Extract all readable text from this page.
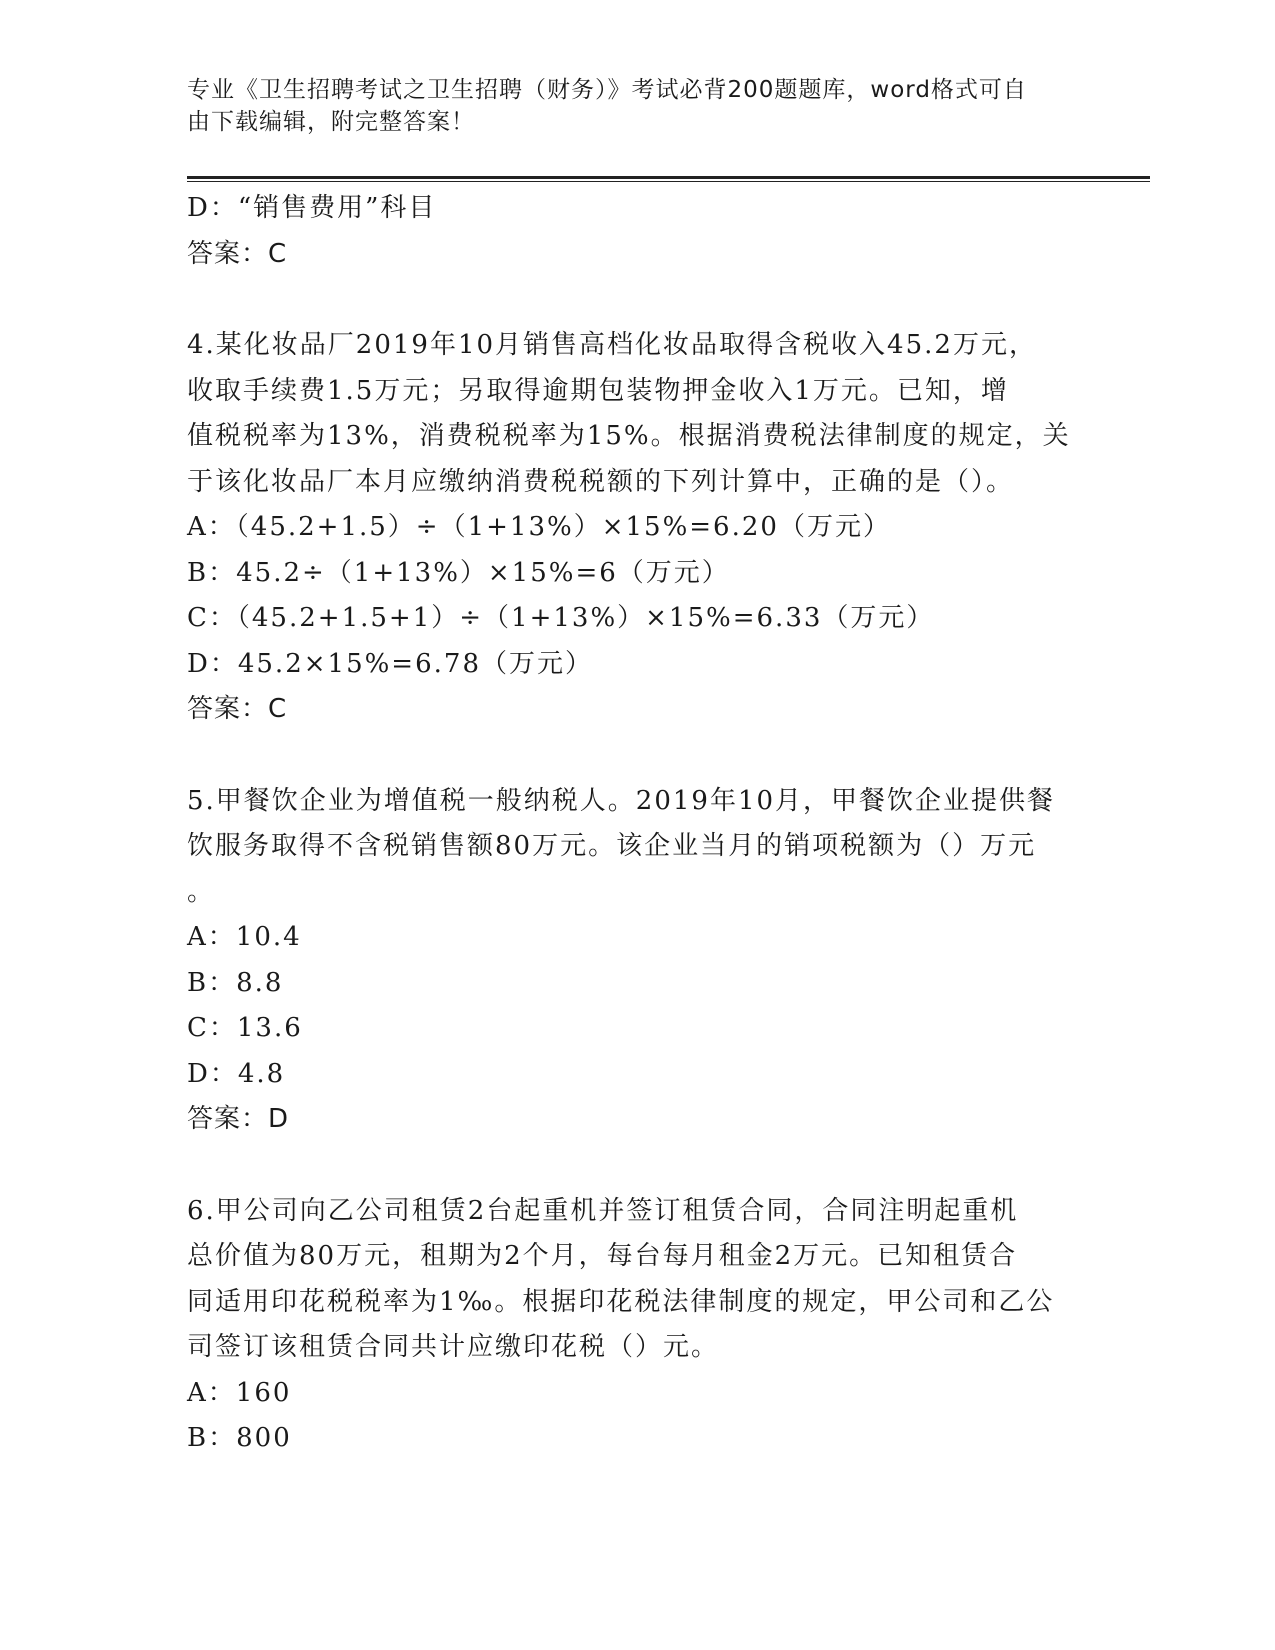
专业《卫生招聘考试之卫生招聘（财务）》考试必背200题题库，word格式可自
由下载编辑，附完整答案！
D：“销售费用”科目
答案：C
4.某化妆品厂2019年10月销售高档化妆品取得含税收入45.2万元，
收取手续费1.5万元；另取得逾期包装物押金收入1万元。已知，增
值税税率为13%，消费税税率为15%。根据消费税法律制度的规定，关
于该化妆品厂本月应缴纳消费税税额的下列计算中，正确的是（）。
A：（45.2+1.5）÷（1+13%）×15%=6.20（万元）
B：45.2÷（1+13%）×15%=6（万元）
C：（45.2+1.5+1）÷（1+13%）×15%=6.33（万元）
D：45.2×15%=6.78（万元）
答案：C
5.甲餐饮企业为增值税一般纳税人。2019年10月，甲餐饮企业提供餐
饮服务取得不含税销售额80万元。该企业当月的销项税额为（）万元
。
A：10.4
B：8.8
C：13.6
D：4.8
答案：D
6.甲公司向乙公司租赁2台起重机并签订租赁合同，合同注明起重机
总价值为80万元，租期为2个月，每台每月租金2万元。已知租赁合
同适用印花税税率为1‰。根据印花税法律制度的规定，甲公司和乙公
司签订该租赁合同共计应缴印花税（）元。
A：160
B：800
